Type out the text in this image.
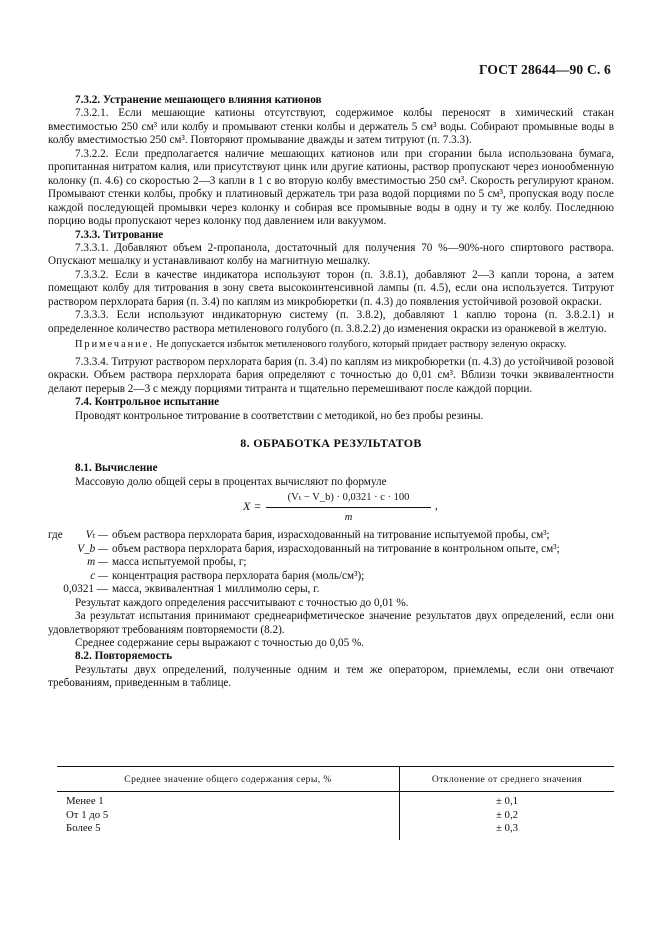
ГОСТ 28644—90 С. 6

7.3.2. Устранение мешающего влияния катионов

7.3.2.1. Если мешающие катионы отсутствуют, содержимое колбы переносят в химический стакан вместимостью 250 см³ или колбу и промывают стенки колбы и держатель 5 см³ воды. Собирают промывные воды в колбу вместимостью 250 см³. Повторяют промывание дважды и затем титруют (п. 7.3.3).

7.3.2.2. Если предполагается наличие мешающих катионов или при сгорании была использована бумага, пропитанная нитратом калия, или присутствуют цинк или другие катионы, раствор пропускают через ионообменную колонку (п. 4.6) со скоростью 2—3 капли в 1 с во вторую колбу вместимостью 250 см³. Скорость регулируют краном. Промывают стенки колбы, пробку и платиновый держатель три раза водой порциями по 5 см³, пропуская воду после каждой последующей промывки через колонку и собирая все промывные воды в одну и ту же колбу. Последнюю порцию воды пропускают через колонку под давлением или вакуумом.

7.3.3. Титрование

7.3.3.1. Добавляют объем 2-пропанола, достаточный для получения 70 %—90%-ного спиртового раствора. Опускают мешалку и устанавливают колбу на магнитную мешалку.

7.3.3.2. Если в качестве индикатора используют торон (п. 3.8.1), добавляют 2—3 капли торона, а затем помещают колбу для титрования в зону света высокоинтенсивной лампы (п. 4.5), если она используется. Титруют раствором перхлората бария (п. 3.4) по каплям из микробюретки (п. 4.3) до появления устойчивой розовой окраски.

7.3.3.3. Если используют индикаторную систему (п. 3.8.2), добавляют 1 каплю торона (п. 3.8.2.1) и определенное количество раствора метиленового голубого (п. 3.8.2.2) до изменения окраски из оранжевой в желтую.

Примечание. Не допускается избыток метиленового голубого, который придает раствору зеленую окраску.

7.3.3.4. Титруют раствором перхлората бария (п. 3.4) по каплям из микробюретки (п. 4.3) до устойчивой розовой окраски. Объем раствора перхлората бария определяют с точностью до 0,01 см³. Вблизи точки эквивалентности делают перерыв 2—3 с между порциями титранта и тщательно перемешивают после каждой порции.

7.4. Контрольное испытание

Проводят контрольное титрование в соответствии с методикой, но без пробы резины.

8. ОБРАБОТКА РЕЗУЛЬТАТОВ

8.1. Вычисление

Массовую долю общей серы в процентах вычисляют по формуле

X =
(Vₜ − V_b) · 0,0321 · c · 100
m
,
где Vₜ — объем раствора перхлората бария, израсходованный на титрование испытуемой пробы, см³;
V_b — объем раствора перхлората бария, израсходованный на титрование в контрольном опыте, см³;
m — масса испытуемой пробы, г;
c — концентрация раствора перхлората бария (моль/см³);
0,0321 — масса, эквивалентная 1 миллимолю серы, г.

Результат каждого определения рассчитывают с точностью до 0,01 %.

За результат испытания принимают среднеарифметическое значение результатов двух определений, если они удовлетворяют требованиям повторяемости (8.2).

Среднее содержание серы выражают с точностью до 0,05 %.

8.2. Повторяемость

Результаты двух определений, полученные одним и тем же оператором, приемлемы, если они отвечают требованиям, приведенным в таблице.

Среднее значение общего содержания серы, %	Отклонение от среднего значения
Менее 1	± 0,1
От 1 до 5	± 0,2
Более 5	± 0,3
